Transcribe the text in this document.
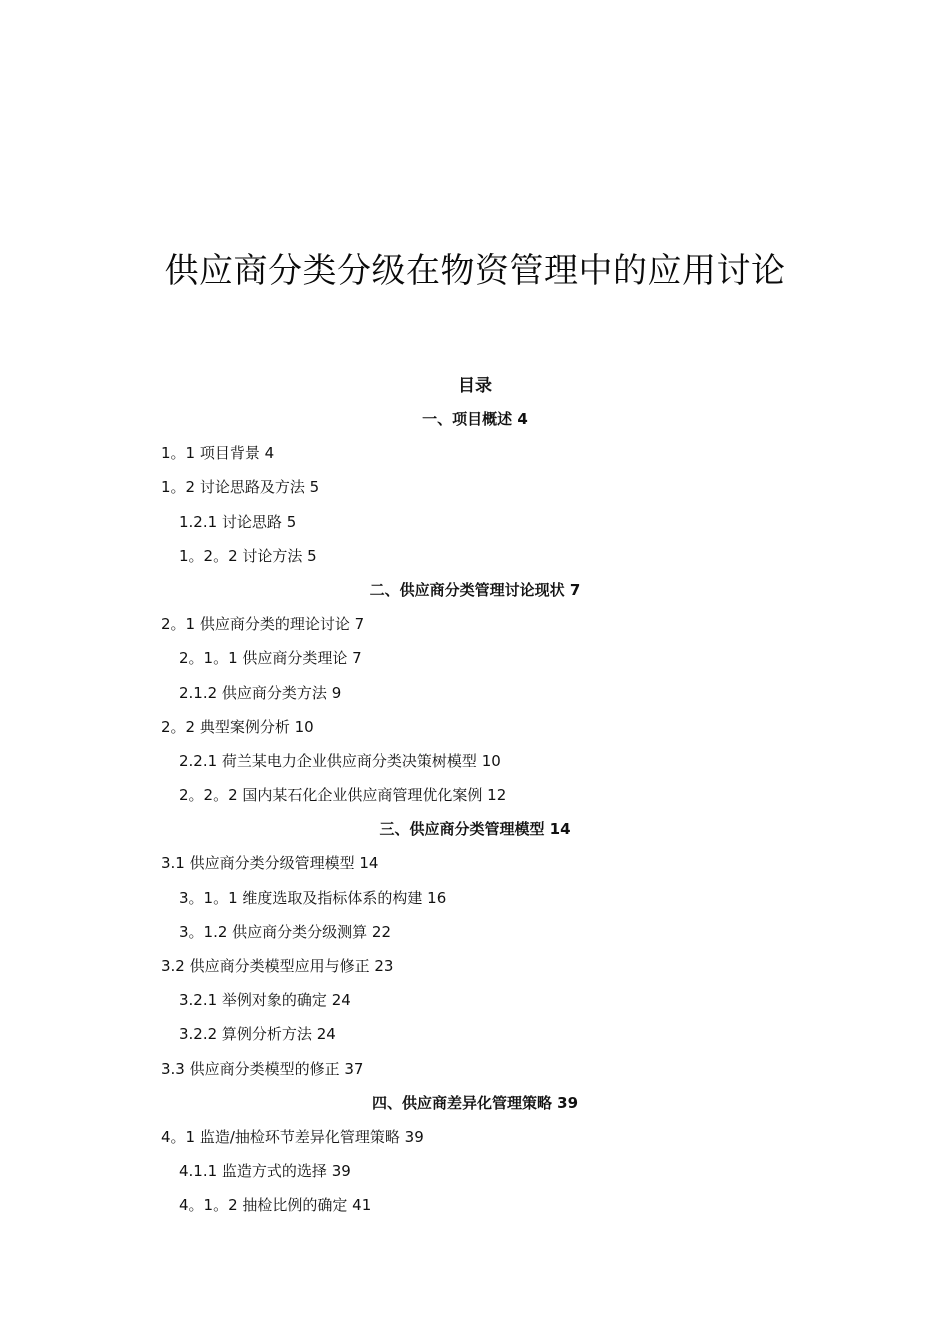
供应商分类分级在物资管理中的应用讨论
目录
一、项目概述 4
1。1 项目背景 4
1。2 讨论思路及方法 5
1.2.1 讨论思路 5
1。2。2 讨论方法 5
二、供应商分类管理讨论现状 7
2。1 供应商分类的理论讨论 7
2。1。1 供应商分类理论 7
2.1.2 供应商分类方法 9
2。2 典型案例分析 10
2.2.1 荷兰某电力企业供应商分类决策树模型 10
2。2。2 国内某石化企业供应商管理优化案例 12
三、供应商分类管理模型 14
3.1 供应商分类分级管理模型 14
3。1。1 维度选取及指标体系的构建 16
3。1.2 供应商分类分级测算 22
3.2 供应商分类模型应用与修正 23
3.2.1 举例对象的确定 24
3.2.2 算例分析方法 24
3.3 供应商分类模型的修正 37
四、供应商差异化管理策略 39
4。1 监造/抽检环节差异化管理策略 39
4.1.1 监造方式的选择 39
4。1。2 抽检比例的确定 41
